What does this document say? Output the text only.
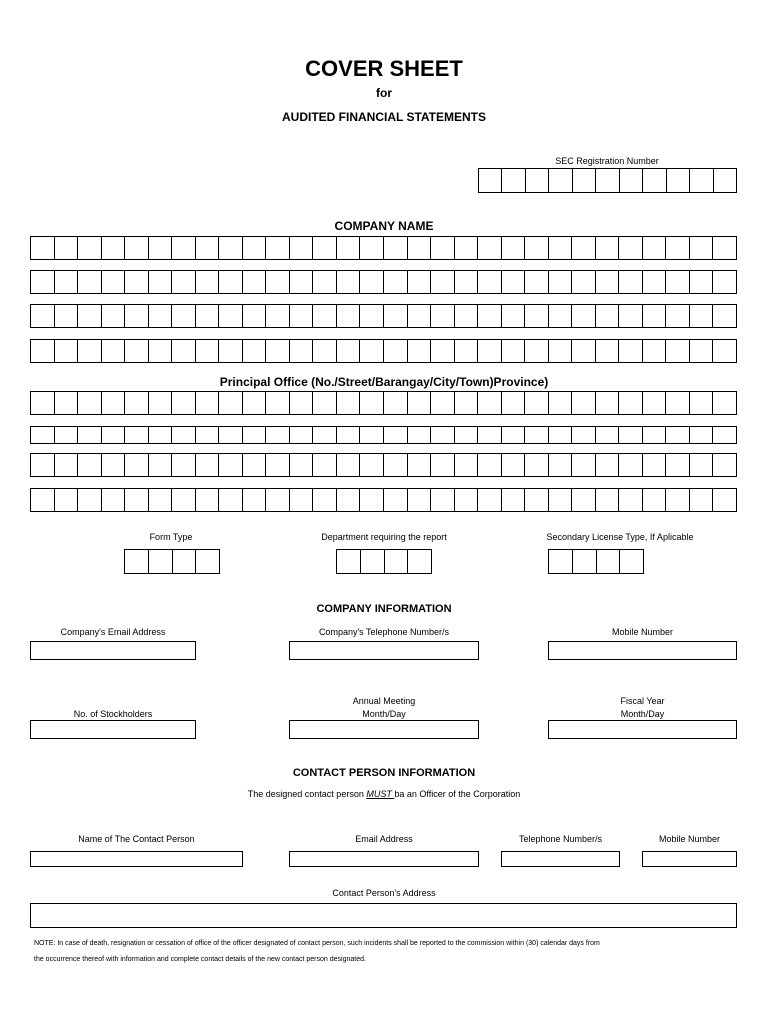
COVER SHEET
for
AUDITED FINANCIAL STATEMENTS
SEC Registration Number
COMPANY NAME
Principal Office (No./Street/Barangay/City/Town)Province)
Form Type	Department requiring the report	Secondary License Type, If Aplicable
COMPANY INFORMATION
Company's Email Address	Company's Telephone Number/s	Mobile Number
No. of Stockholders
Annual Meeting
Month/Day
Fiscal Year
Month/Day
CONTACT PERSON INFORMATION
The designed contact person MUST ba an Officer of the Corporation
Name of The Contact Person	Email Address	Telephone Number/s	Mobile Number
Contact Person's Address
NOTE: In case of death, resignation or cessation of office of the officer designated of contact person, such incidents shall be reported to the commission within (30) calendar days from
the occurrence thereof with information and complete contact details of the new contact person designated.
